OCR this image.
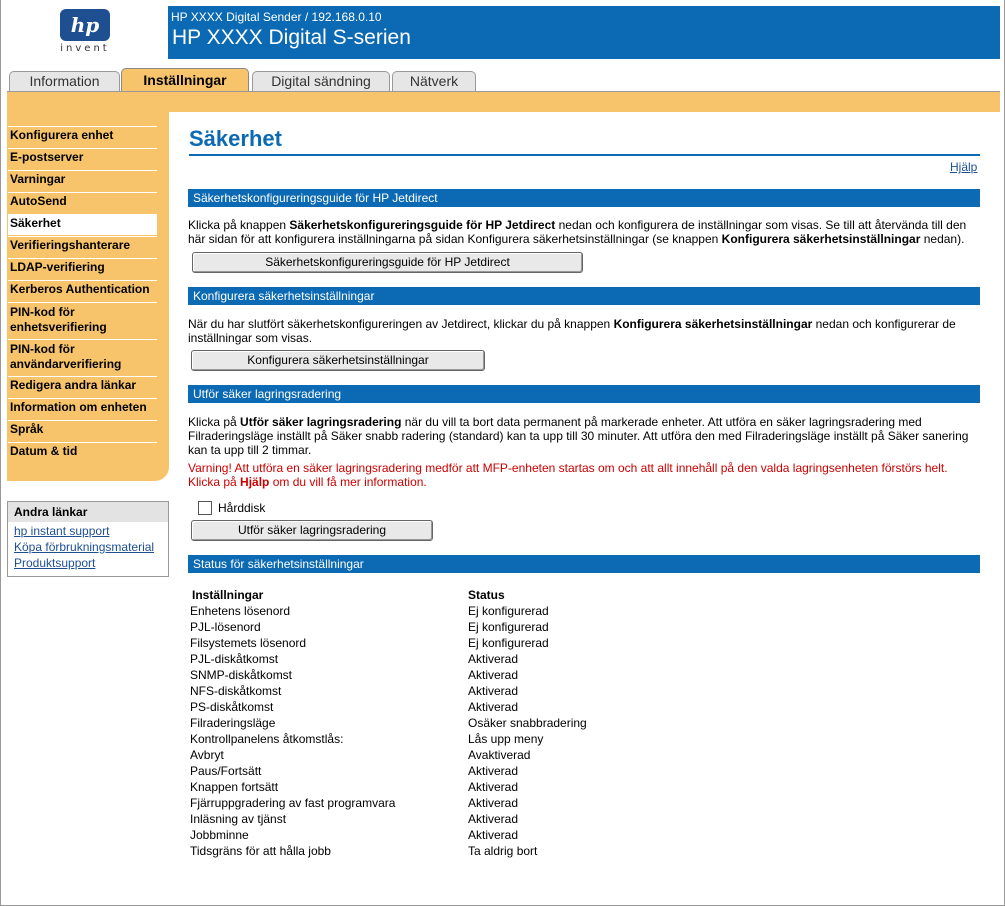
hp
invent
HP XXXX Digital Sender / 192.168.0.10
HP XXXX Digital S-serien
Information	Inställningar	Digital sändning	Nätverk
Konfigurera enhet
E-postserver
Varningar
AutoSend
Säkerhet
Verifieringshanterare
LDAP-verifiering
Kerberos Authentication
PIN-kod för enhetsverifiering
PIN-kod för användarverifiering
Redigera andra länkar
Information om enheten
Språk
Datum & tid
Andra länkar
hp instant support
Köpa förbrukningsmaterial
Produktsupport
Säkerhet
Hjälp
Säkerhetskonfigureringsguide för HP Jetdirect
Klicka på knappen Säkerhetskonfigureringsguide för HP Jetdirect nedan och konfigurera de inställningar som visas. Se till att återvända till den här sidan för att konfigurera inställningarna på sidan Konfigurera säkerhetsinställningar (se knappen Konfigurera säkerhetsinställningar nedan).
Säkerhetskonfigureringsguide för HP Jetdirect
Konfigurera säkerhetsinställningar
När du har slutfört säkerhetskonfigureringen av Jetdirect, klickar du på knappen Konfigurera säkerhetsinställningar nedan och konfigurerar de inställningar som visas.
Konfigurera säkerhetsinställningar
Utför säker lagringsradering
Klicka på Utför säker lagringsradering när du vill ta bort data permanent på markerade enheter. Att utföra en säker lagringsradering med Filraderingsläge inställt på Säker snabb radering (standard) kan ta upp till 30 minuter. Att utföra den med Filraderingsläge inställt på Säker sanering kan ta upp till 2 timmar.
Varning! Att utföra en säker lagringsradering medför att MFP-enheten startas om och att allt innehåll på den valda lagringsenheten förstörs helt. Klicka på Hjälp om du vill få mer information.
Hårddisk
Utför säker lagringsradering
Status för säkerhetsinställningar
Inställningar	Status
Enhetens lösenord	Ej konfigurerad
PJL-lösenord	Ej konfigurerad
Filsystemets lösenord	Ej konfigurerad
PJL-diskåtkomst	Aktiverad
SNMP-diskåtkomst	Aktiverad
NFS-diskåtkomst	Aktiverad
PS-diskåtkomst	Aktiverad
Filraderingsläge	Osäker snabbradering
Kontrollpanelens åtkomstlås:	Lås upp meny
Avbryt	Avaktiverad
Paus/Fortsätt	Aktiverad
Knappen fortsätt	Aktiverad
Fjärruppgradering av fast programvara	Aktiverad
Inläsning av tjänst	Aktiverad
Jobbminne	Aktiverad
Tidsgräns för att hålla jobb	Ta aldrig bort
